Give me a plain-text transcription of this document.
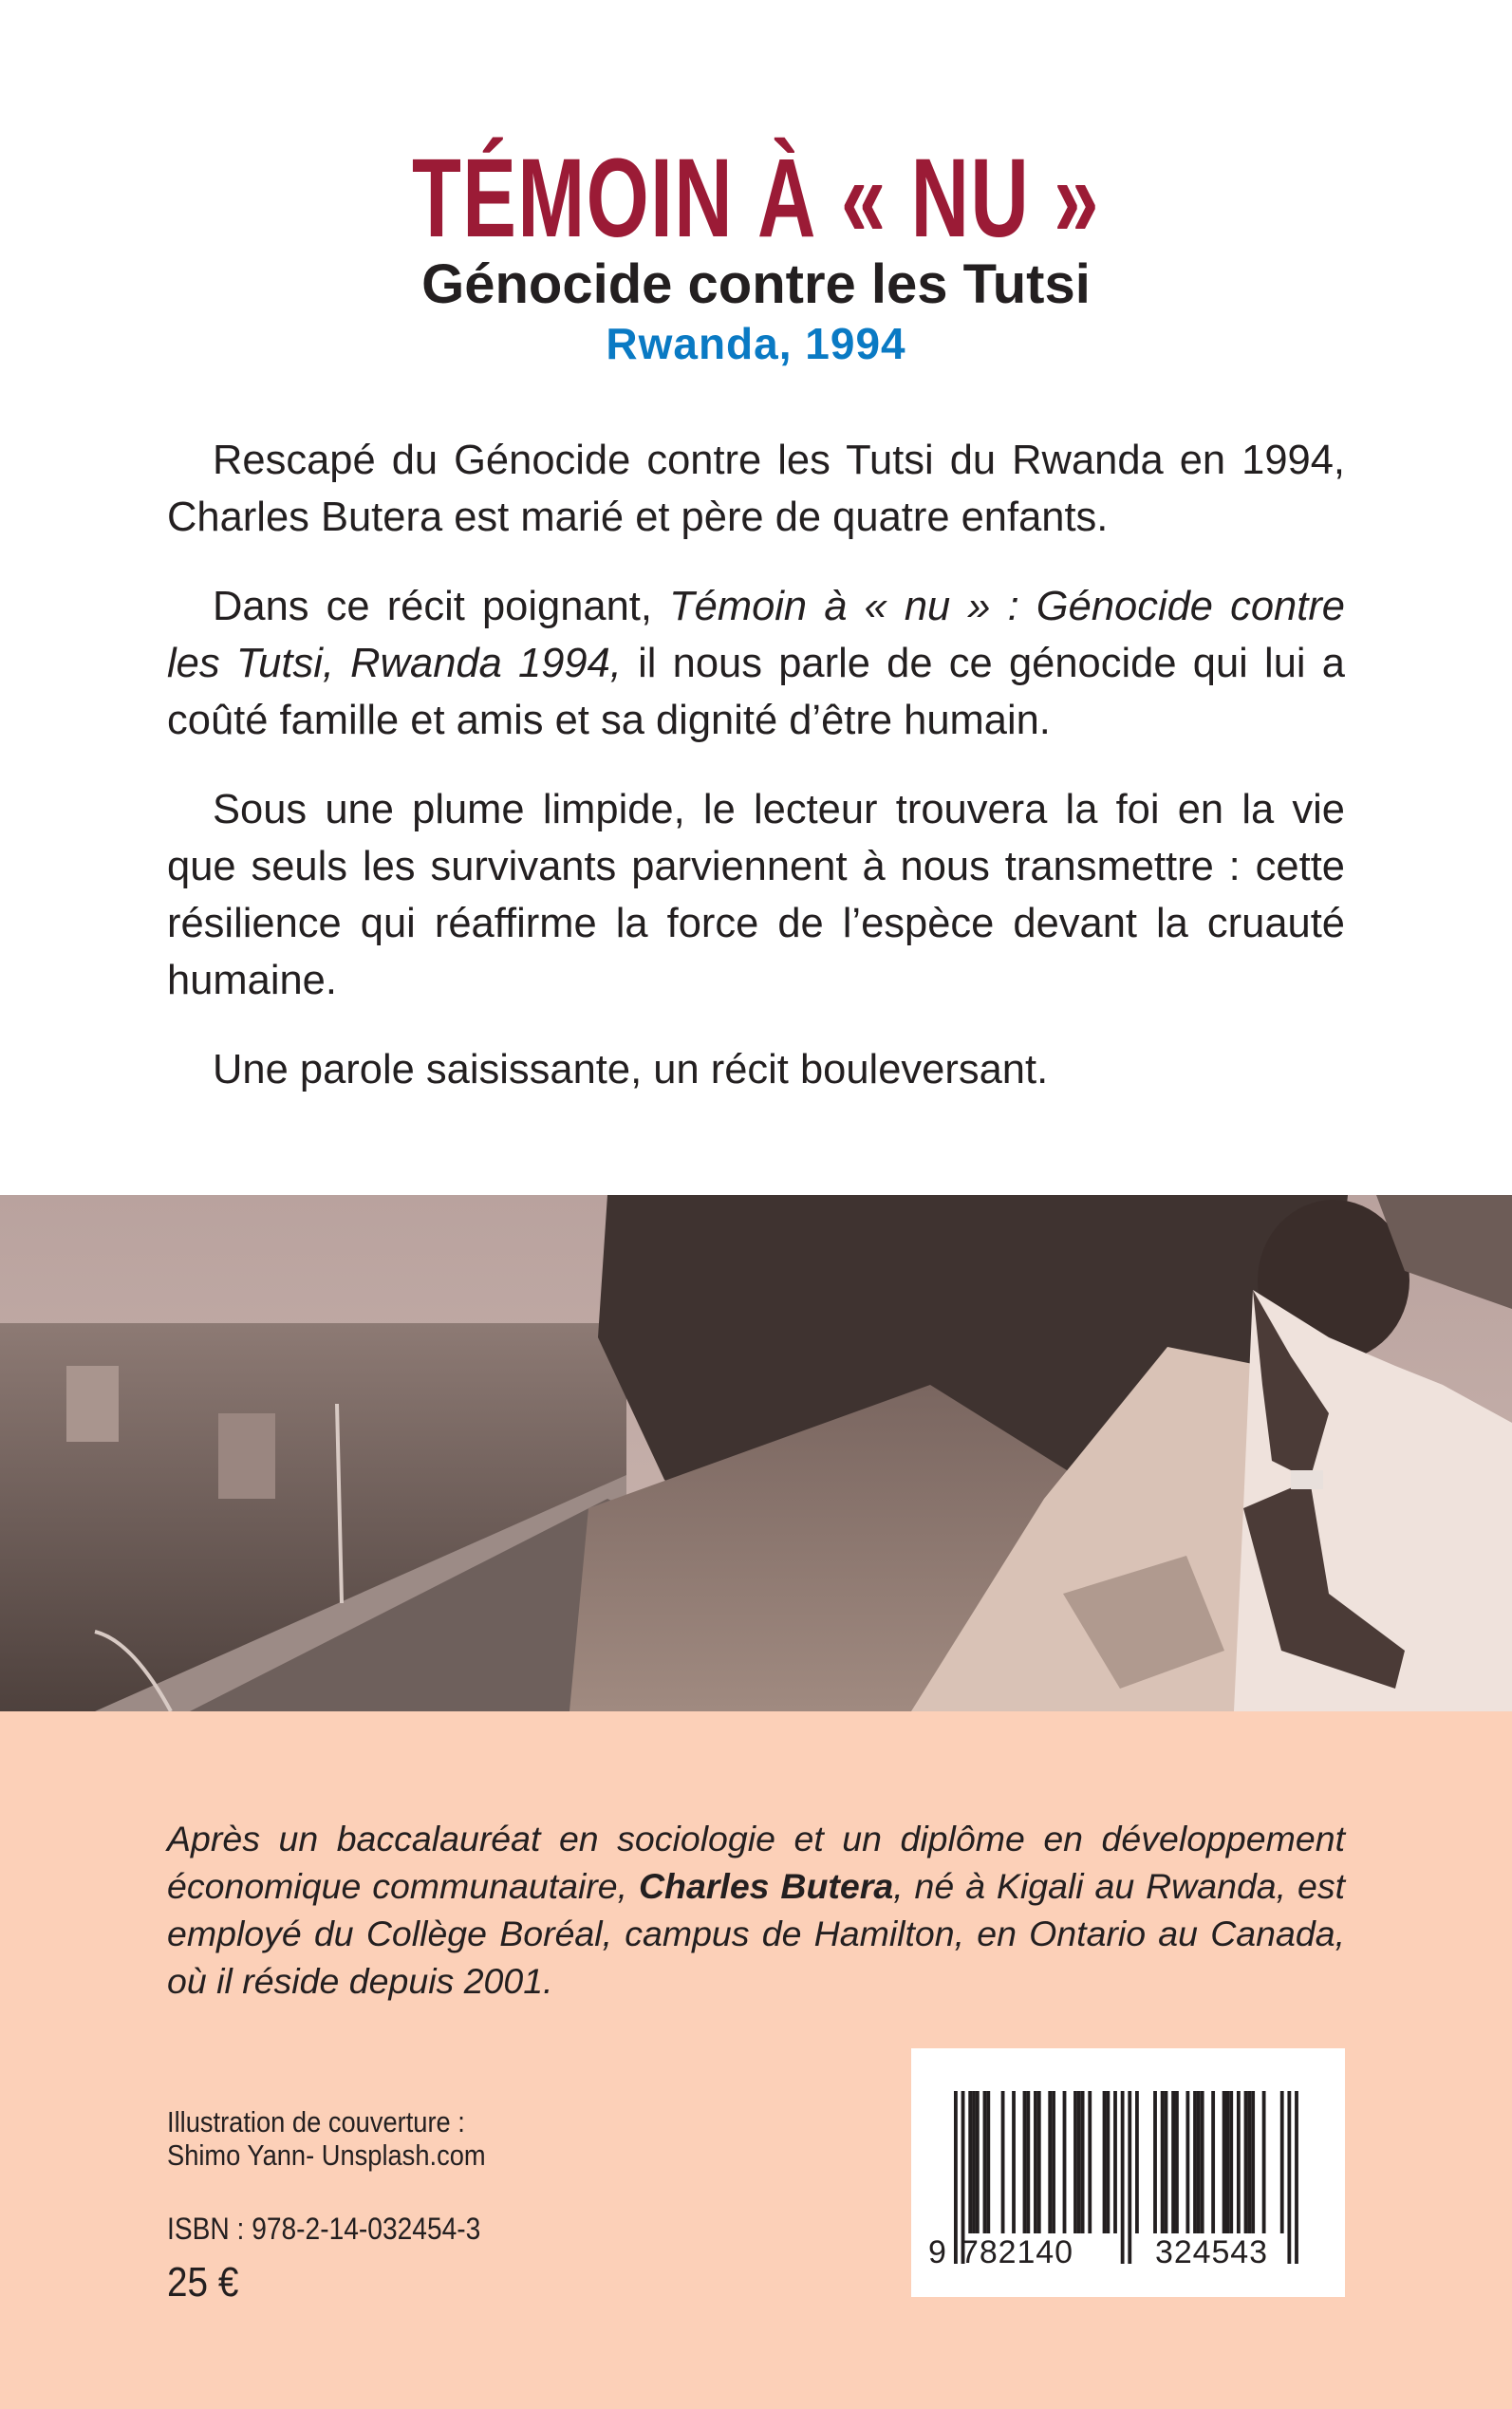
TÉMOIN À « NU »
Génocide contre les Tutsi
Rwanda, 1994

Rescapé du Génocide contre les Tutsi du Rwanda en 1994, Charles Butera est marié et père de quatre enfants.

Dans ce récit poignant, Témoin à « nu » : Génocide contre les Tutsi, Rwanda 1994, il nous parle de ce génocide qui lui a coûté famille et amis et sa dignité d’être humain.

Sous une plume limpide, le lecteur trouvera la foi en la vie que seuls les survivants parviennent à nous transmettre : cette résilience qui réaffirme la force de l’espèce devant la cruauté humaine.

Une parole saisissante, un récit bouleversant.

Après un baccalauréat en sociologie et un diplôme en développement économique communautaire, Charles Butera, né à Kigali au Rwanda, est employé du Collège Boréal, campus de Hamilton, en Ontario au Canada, où il réside depuis 2001.

Illustration de couverture :
Shimo Yann- Unsplash.com
ISBN : 978-2-14-032454-3
25 €
9 782140	324543
